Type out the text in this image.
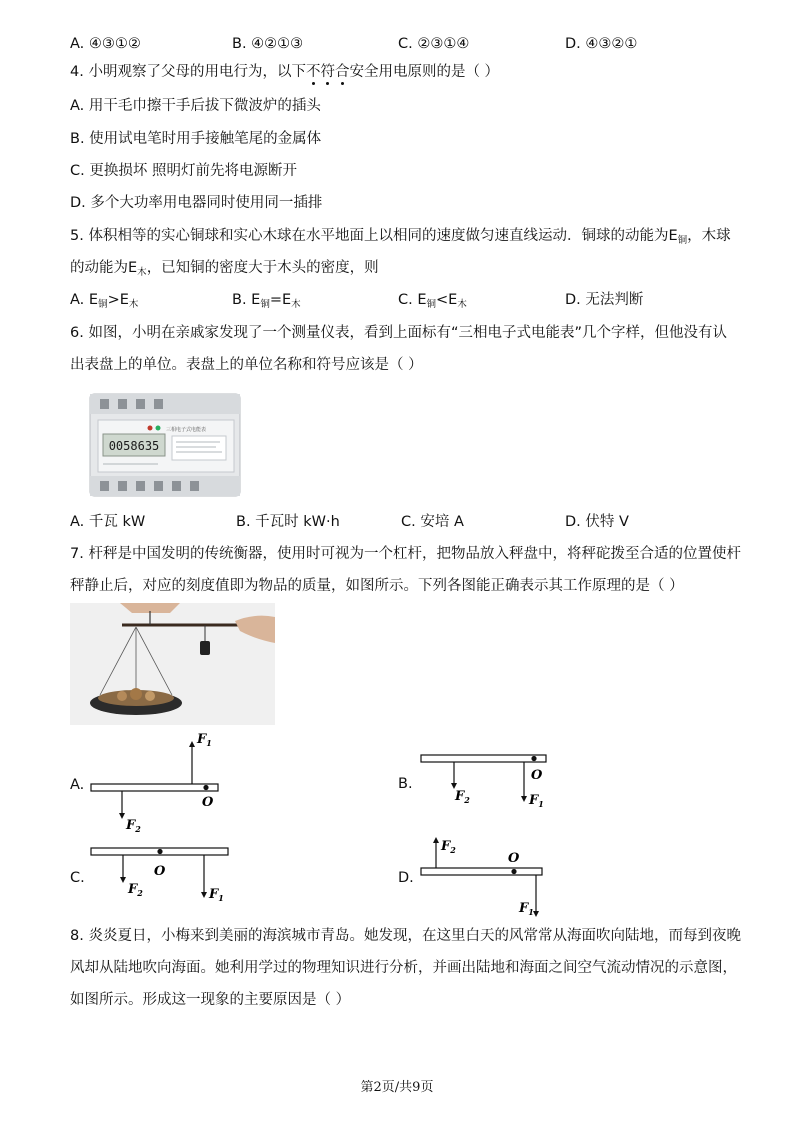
A. ④③①②	B. ④②①③	C. ②③①④	D. ④③②①
4. 小明观察了父母的用电行为，以下不符合安全用电原则的是（ ）
A. 用干毛巾擦干手后拔下微波炉的插头
B. 使用试电笔时用手接触笔尾的金属体
C. 更换损坏 照明灯前先将电源断开
D. 多个大功率用电器同时使用同一插排
5. 体积相等的实心铜球和实心木球在水平地面上以相同的速度做匀速直线运动．铜球的动能为$E_铜$，木球
的动能为$E_木$，已知铜的密度大于木头的密度，则
A. $E_铜>E_木$	B. $E_铜=E_木$	C. $E_铜<E_木$	D. 无法判断
6. 如图，小明在亲戚家发现了一个测量仪表，看到上面标有“三相电子式电能表”几个字样，但他没有认
出表盘上的单位。表盘上的单位名称和符号应该是（ ）
0058635
三相电子式电能表
A. 千瓦 kW	B. 千瓦时 kW·h	C. 安培 A	D. 伏特 V
7. 杆秤是中国发明的传统衡器，使用时可视为一个杠杆，把物品放入秤盘中，将秤砣拨至合适的位置使杆
秤静止后，对应的刻度值即为物品的质量，如图所示。下列各图能正确表示其工作原理的是（ ）
A.
$F_1$
$F_2$
O
B.
$F_2$	$F_1$
O
C.
$F_2$	$F_1$
O	D.
$F_2$
$F_1$
O
8. 炎炎夏日，小梅来到美丽的海滨城市青岛。她发现，在这里白天的风常常从海面吹向陆地，而每到夜晚
风却从陆地吹向海面。她利用学过的物理知识进行分析，并画出陆地和海面之间空气流动情况的示意图，
如图所示。形成这一现象的主要原因是（ ）
第2页/共9页
